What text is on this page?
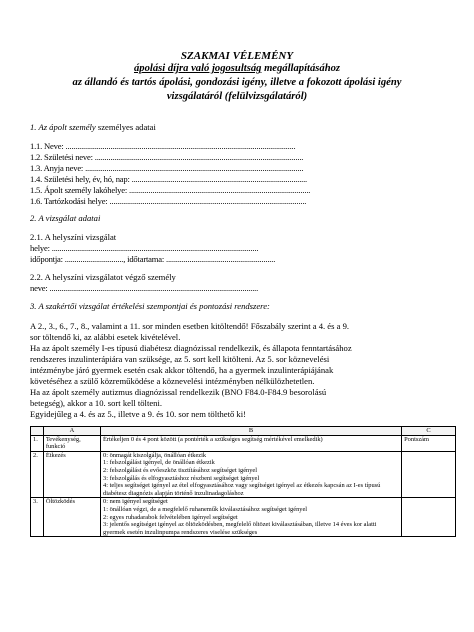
SZAKMAI VÉLEMÉNY
ápolási díjra való jogosultság megállapításához
az állandó és tartós ápolási, gondozási igény, illetve a fokozott ápolási igény
vizsgálatáról (felülvizsgálatáról)
1. Az ápolt személy személyes adatai
1.1. Neve: ......................................................................................................................
1.2. Születési neve: ...........................................................................................................
1.3. Anyja neve: ................................................................................................................
1.4. Születési hely, év, hó, nap: ..........................................................................................
1.5. Ápolt személy lakóhelye: .............................................................................................
1.6. Tartózkodási helye: .....................................................................................................
2. A vizsgálat adatai
2.1. A helyszíni vizsgálat
helye: ..........................................................................................................
időpontja: .............................., időtartama: ........................................................
2.2. A helyszíni vizsgálatot végző személy
neve: ...........................................................................................................
3. A szakértői vizsgálat értékelési szempontjai és pontozási rendszere:
A 2., 3., 6., 7., 8., valamint a 11. sor minden esetben kitöltendő! Főszabály szerint a 4. és a 9.
sor töltendő ki, az alábbi esetek kivételével.
Ha az ápolt személy I-es típusú diabétesz diagnózissal rendelkezik, és állapota fenntartásához
rendszeres inzulinterápiára van szüksége, az 5. sort kell kitölteni. Az 5. sor köznevelési
intézménybe járó gyermek esetén csak akkor töltendő, ha a gyermek inzulinterápiájának
követéséhez a szülő közreműködése a köznevelési intézményben nélkülözhetetlen.
Ha az ápolt személy autizmus diagnózissal rendelkezik (BNO F84.0-F84.9 besorolású
betegség), akkor a 10. sort kell tölteni.
Egyidejűleg a 4. és az 5., illetve a 9. és 10. sor nem tölthető ki!
	A	B	C
1.	Tevékenység, funkció	Értékeljen 0 és 4 pont között (a pontérték a szükséges segítség mértékével emelkedik)	Pontszám
2.	Étkezés	0: önmagát kiszolgálja, önállóan étkezik
1: felszolgálást igényel, de önállóan étkezik
2: felszolgálást és evőeszköz tisztításához segítséget igényel
3: felszolgálás és elfogyasztáshoz részbeni segítséget igényel
4: teljes segítséget igényel az étel elfogyasztásához vagy segítséget igényel az étkezés kapcsán az I-es típusú diabétesz diagnózis alapján történő inzulinadagoláshoz	

3.	Öltözködés	0: nem igényel segítséget
1: önállóan végzi, de a megfelelő ruhaneműk kiválasztásához segítséget igényel
2: egyes ruhadarabok felvételében igényel segítséget
3: jelentős segítséget igényel az öltözködésben, megfelelő öltözet kiválasztásában, illetve 14 éves kor alatti gyermek esetén inzulinpumpa rendszeres viselése szükséges	
